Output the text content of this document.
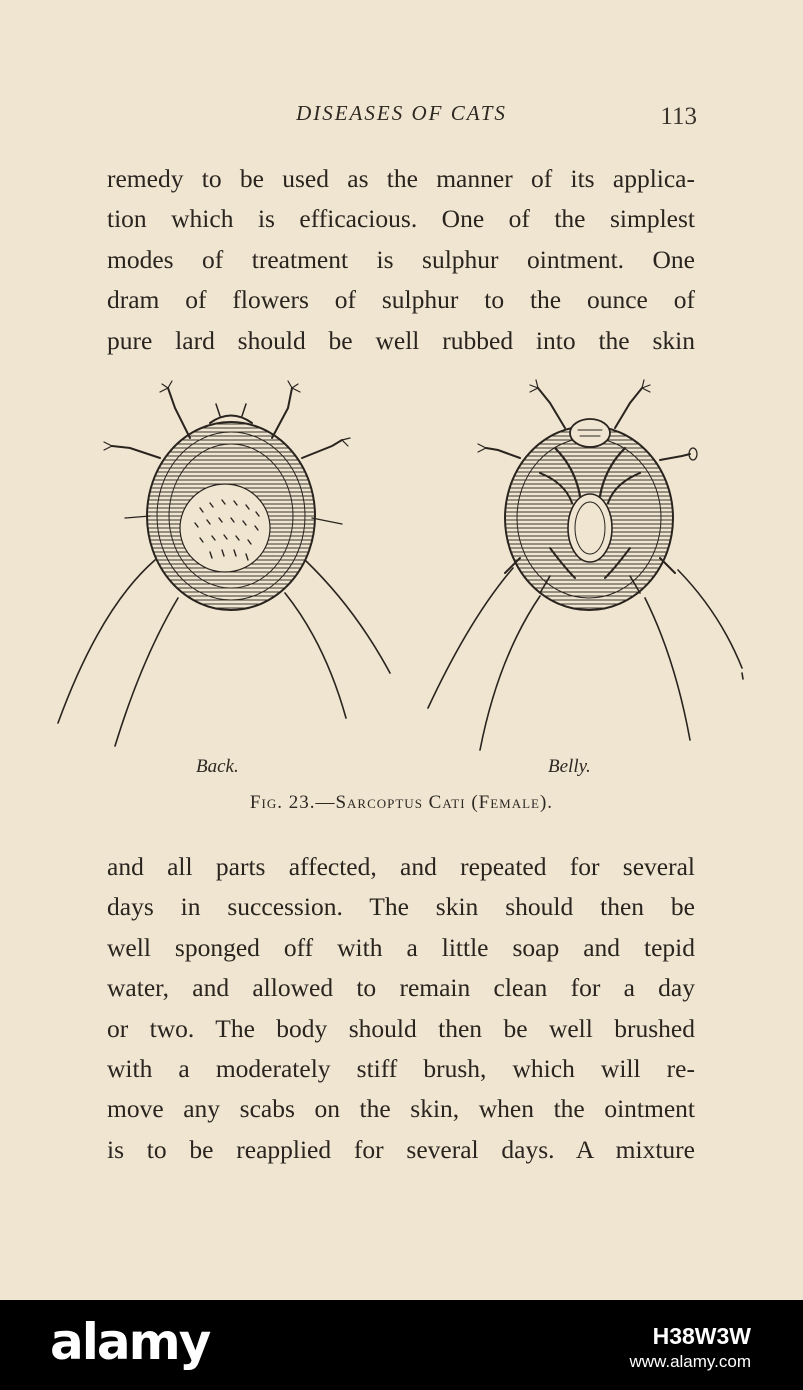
DISEASES OF CATS	113
remedy to be used as the manner of its applica-
tion which is efficacious. One of the simplest
modes of treatment is sulphur ointment. One
dram of flowers of sulphur to the ounce of
pure lard should be well rubbed into the skin
Back.	Belly.
Fig. 23.—Sarcoptus Cati (Female).
and all parts affected, and repeated for several
days in succession. The skin should then be
well sponged off with a little soap and tepid
water, and allowed to remain clean for a day
or two. The body should then be well brushed
with a moderately stiff brush, which will re-
move any scabs on the skin, when the ointment
is to be reapplied for several days. A mixture
alamy	H38W3W
www.alamy.com
